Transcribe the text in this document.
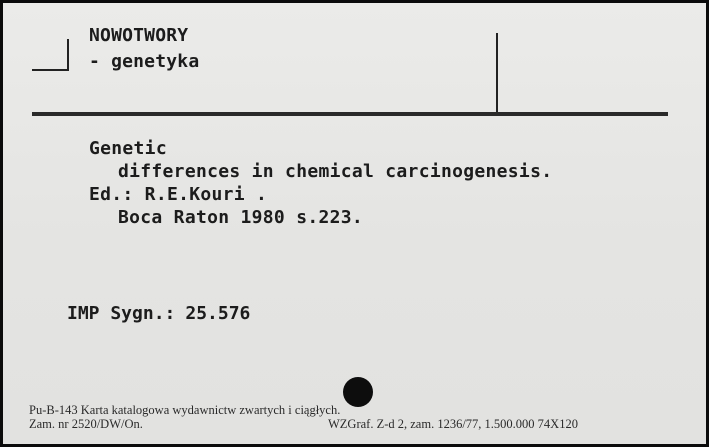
NOWOTWORY
- genetyka
Genetic
differences in chemical carcinogenesis.
Ed.: R.E.Kouri .
Boca Raton 1980 s.223.
IMP Sygn.: 25.576
Pu-B-143 Karta katalogowa wydawnictw zwartych i ciągłych.
Zam. nr 2520/DW/On.	WZGraf. Z-d 2, zam. 1236/77, 1.500.000 74X120
